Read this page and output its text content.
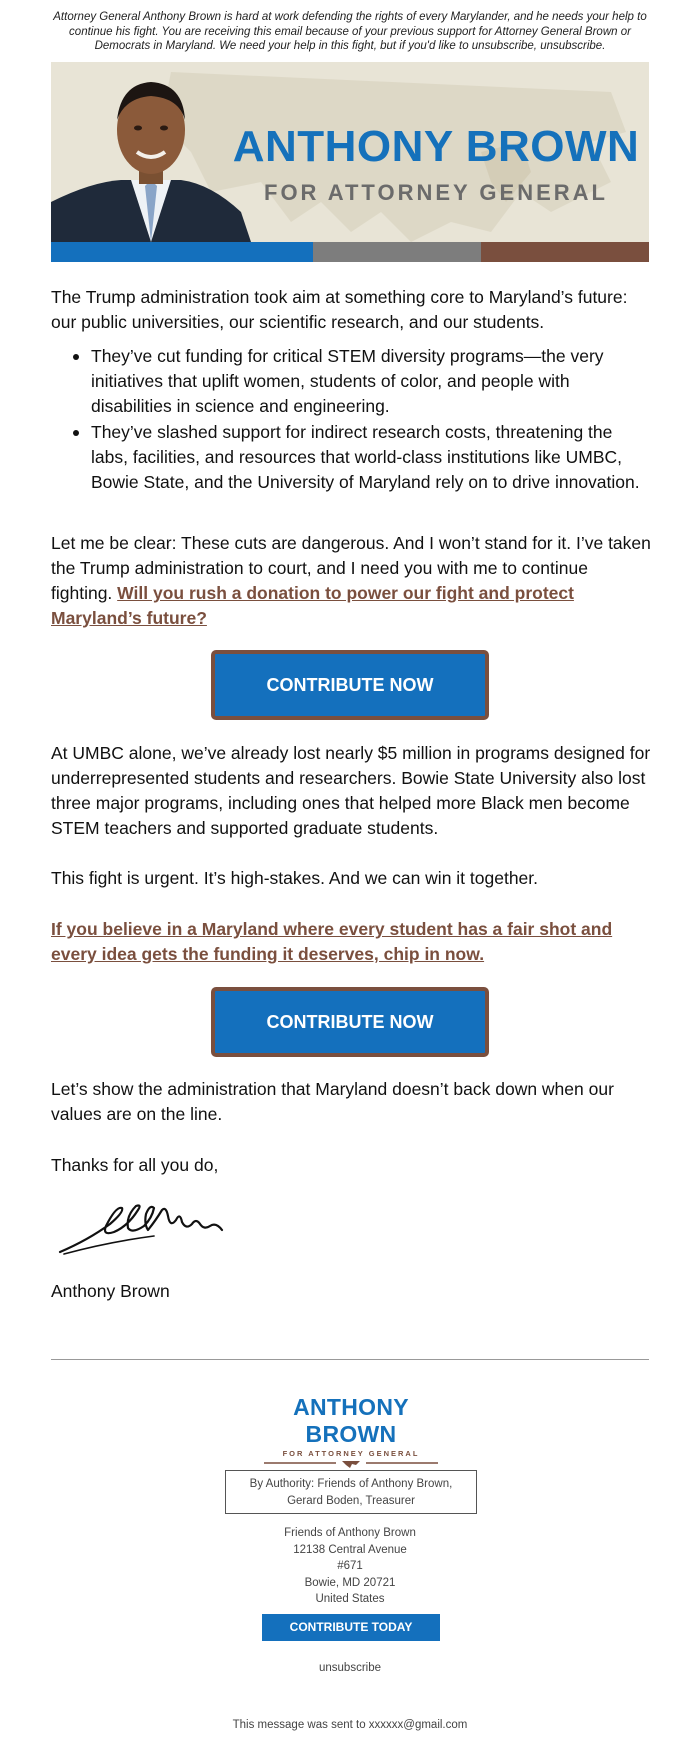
Attorney General Anthony Brown is hard at work defending the rights of every Marylander, and he needs your help to continue his fight. You are receiving this email because of your previous support for Attorney General Brown or Democrats in Maryland. We need your help in this fight, but if you'd like to unsubscribe, unsubscribe.
ANTHONY BROWN
FOR ATTORNEY GENERAL

The Trump administration took aim at something core to Maryland’s future: our public universities, our scientific research, and our students.

They’ve cut funding for critical STEM diversity programs—the very initiatives that uplift women, students of color, and people with disabilities in science and engineering.
They’ve slashed support for indirect research costs, threatening the labs, facilities, and resources that world-class institutions like UMBC, Bowie State, and the University of Maryland rely on to drive innovation.

Let me be clear: These cuts are dangerous. And I won’t stand for it. I’ve taken the Trump administration to court, and I need you with me to continue fighting. Will you rush a donation to power our fight and protect Maryland’s future?

CONTRIBUTE NOW

At UMBC alone, we’ve already lost nearly $5 million in programs designed for underrepresented students and researchers. Bowie State University also lost three major programs, including ones that helped more Black men become STEM teachers and supported graduate students.

This fight is urgent. It’s high-stakes. And we can win it together.

If you believe in a Maryland where every student has a fair shot and every idea gets the funding it deserves, chip in now.

CONTRIBUTE NOW

Let’s show the administration that Maryland doesn’t back down when our values are on the line.

Thanks for all you do,

Anthony Brown

ANTHONY BROWN
FOR ATTORNEY GENERAL
By Authority: Friends of Anthony Brown,
Gerard Boden, Treasurer
Friends of Anthony Brown
12138 Central Avenue
#671
Bowie, MD 20721
United States
CONTRIBUTE TODAY
unsubscribe
This message was sent to xxxxxx@gmail.com
